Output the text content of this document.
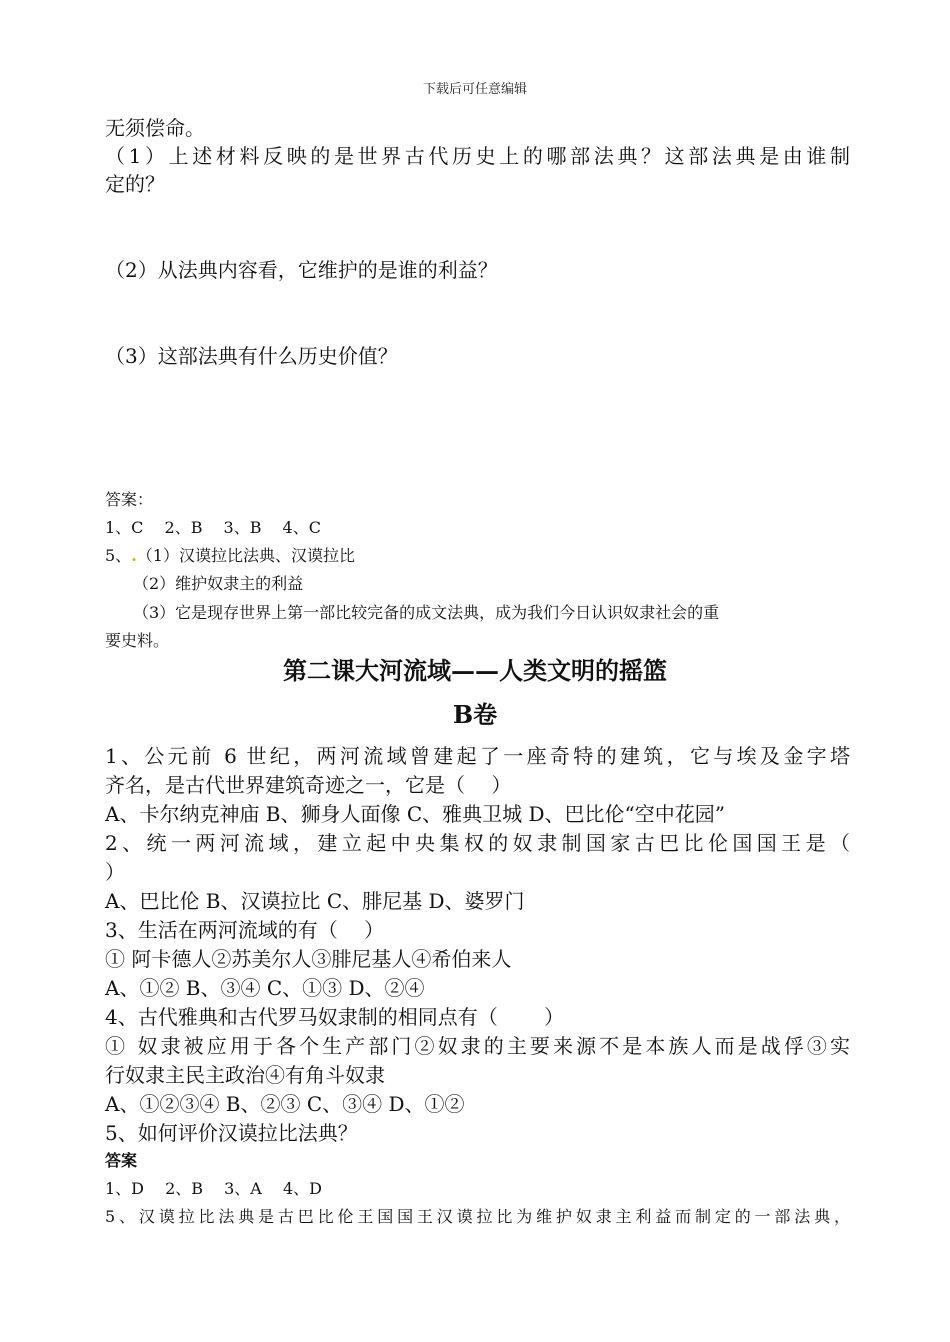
下载后可任意编辑
无须偿命。
（1）上述材料反映的是世界古代历史上的哪部法典？这部法典是由谁制
定的？
（2）从法典内容看，它维护的是谁的利益？
（3）这部法典有什么历史价值？
答案：
1、C　 2、B　 3、B　 4、C
5、.（1）汉谟拉比法典、汉谟拉比
（2）维护奴隶主的利益
（3）它是现存世界上第一部比较完备的成文法典，成为我们今日认识奴隶社会的重
要史料。
第二课大河流域——人类文明的摇篮
B卷
1、公元前 6 世纪，两河流域曾建起了一座奇特的建筑，它与埃及金字塔
齐名，是古代世界建筑奇迹之一，它是（　 ）
A、卡尔纳克神庙 B、狮身人面像 C、雅典卫城 D、巴比伦“空中花园”
2、统一两河流域，建立起中央集权的奴隶制国家古巴比伦国国王是（
）
A、巴比伦 B、汉谟拉比 C、腓尼基 D、婆罗门
3、生活在两河流域的有（　 ）
① 阿卡德人②苏美尔人③腓尼基人④希伯来人
A、①② B、③④ C、①③ D、②④
4、古代雅典和古代罗马奴隶制的相同点有（　　 ）
① 奴隶被应用于各个生产部门②奴隶的主要来源不是本族人而是战俘③实
行奴隶主民主政治④有角斗奴隶
A、①②③④ B、②③ C、③④ D、①②
5、如何评价汉谟拉比法典？
答案
1、D　 2、B　 3、A　 4、D
5、汉谟拉比法典是古巴比伦王国国王汉谟拉比为维护奴隶主利益而制定的一部法典，
